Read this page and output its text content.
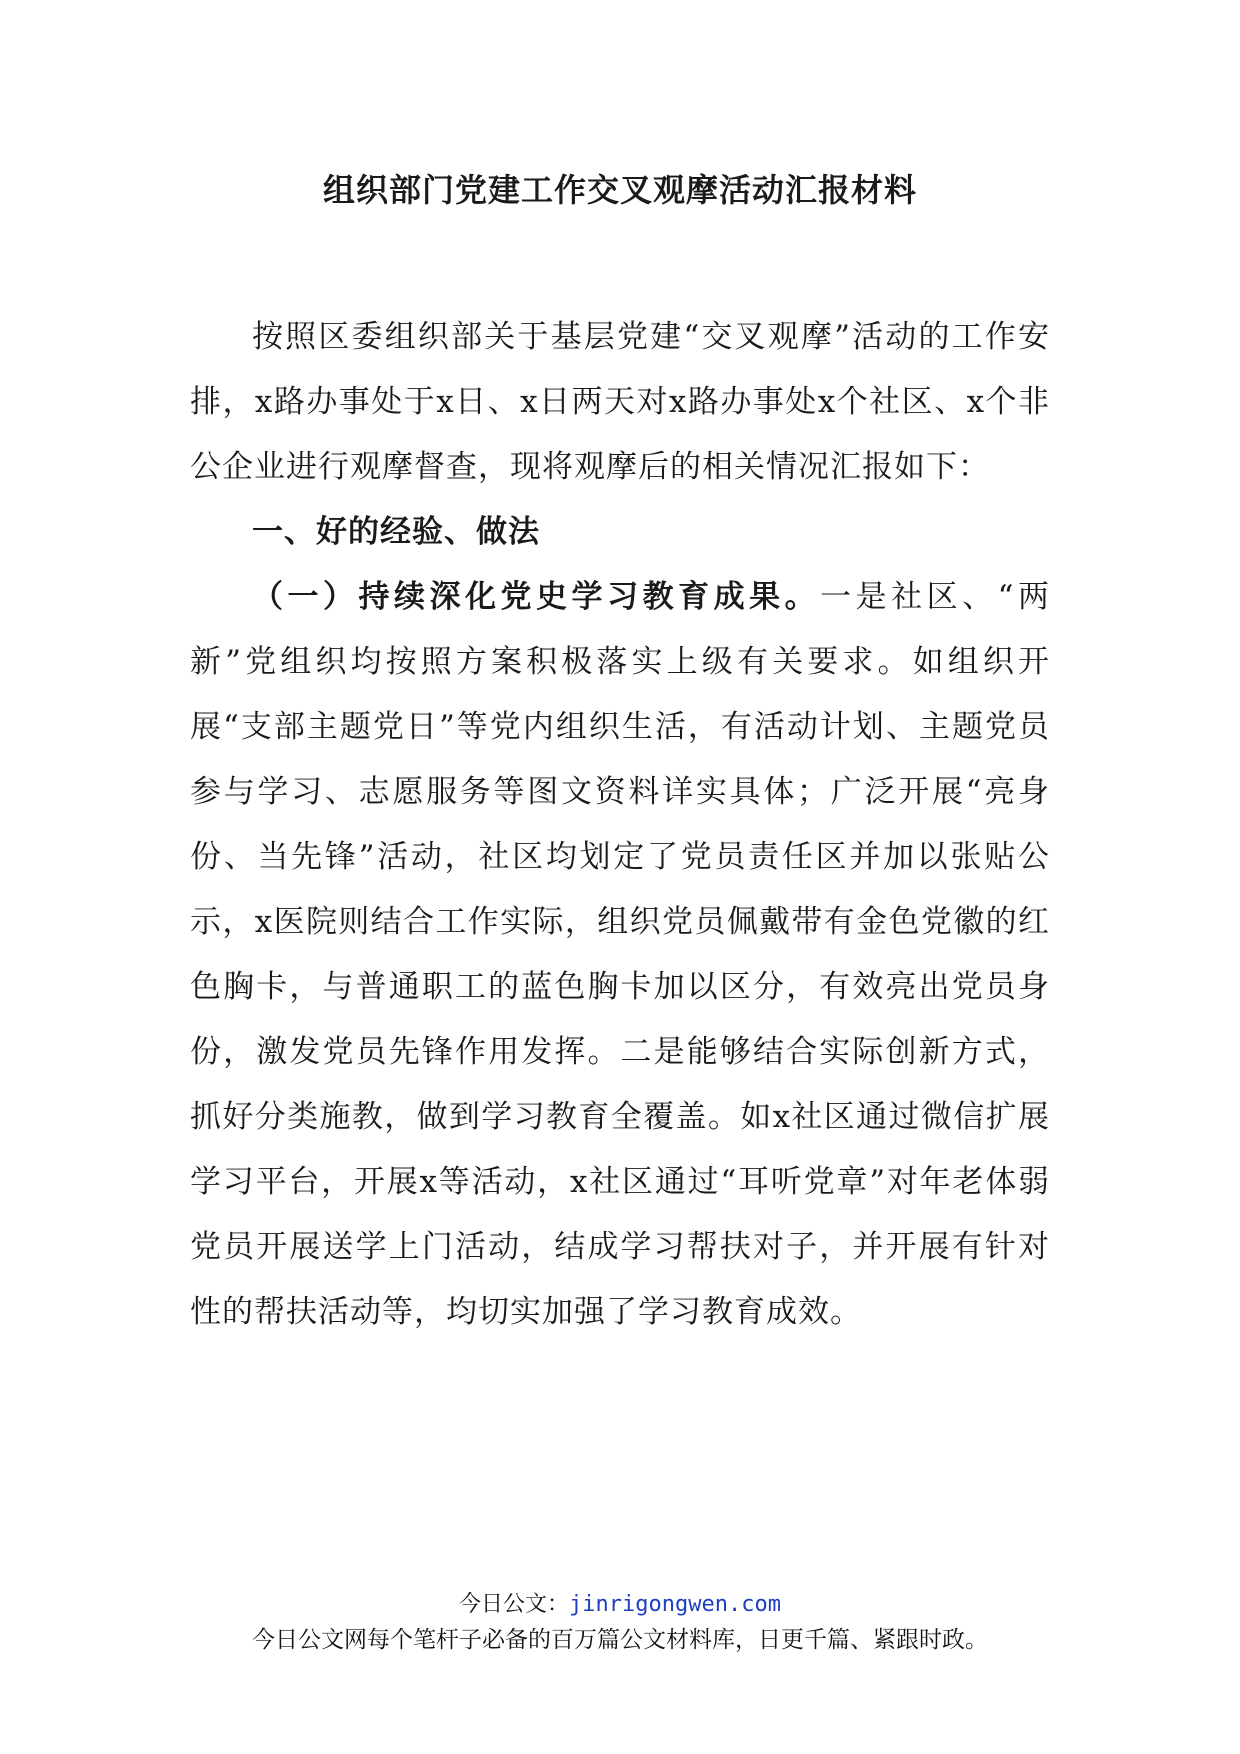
组织部门党建工作交叉观摩活动汇报材料

按照区委组织部关于基层党建“交叉观摩”活动的工作安排，x路办事处于x日、x日两天对x路办事处x个社区、x个非公企业进行观摩督查，现将观摩后的相关情况汇报如下：

一、好的经验、做法

（一）持续深化党史学习教育成果。一是社区、“两新”党组织均按照方案积极落实上级有关要求。如组织开展“支部主题党日”等党内组织生活，有活动计划、主题党员参与学习、志愿服务等图文资料详实具体；广泛开展“亮身份、当先锋”活动，社区均划定了党员责任区并加以张贴公示，x医院则结合工作实际，组织党员佩戴带有金色党徽的红色胸卡，与普通职工的蓝色胸卡加以区分，有效亮出党员身份，激发党员先锋作用发挥。二是能够结合实际创新方式，抓好分类施教，做到学习教育全覆盖。如x社区通过微信扩展学习平台，开展x等活动，x社区通过“耳听党章”对年老体弱党员开展送学上门活动，结成学习帮扶对子，并开展有针对性的帮扶活动等，均切实加强了学习教育成效。

今日公文：jinrigongwen.com
今日公文网每个笔杆子必备的百万篇公文材料库，日更千篇、紧跟时政。
